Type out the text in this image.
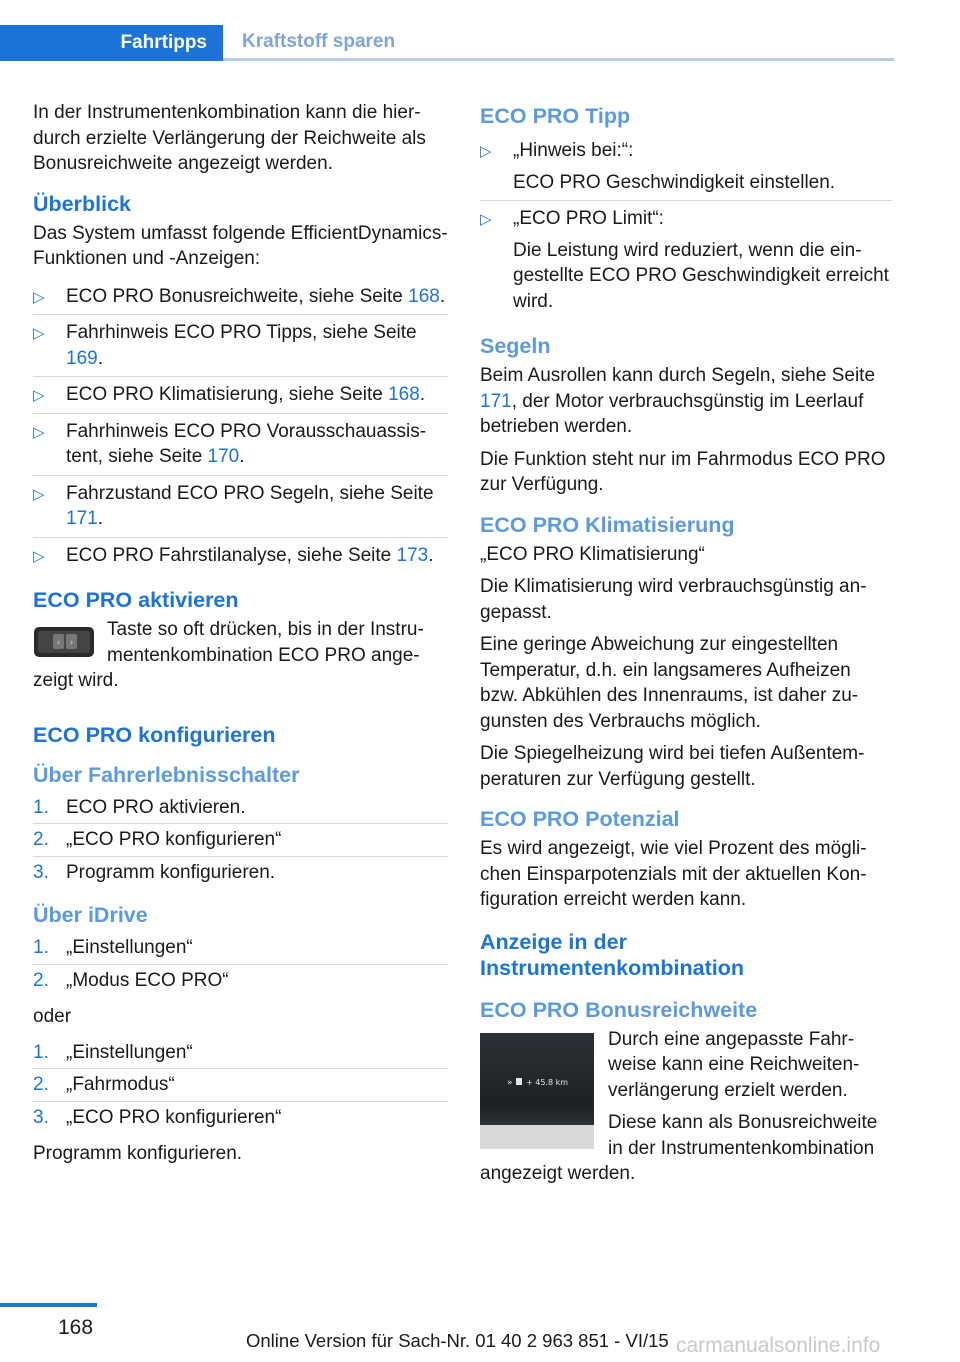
Fahrtipps	Kraftstoff sparen

In der Instrumentenkombination kann die hierdurch erzielte Verlängerung der Reichweite als Bonusreichweite angezeigt werden.

Überblick

Das System umfasst folgende EfficientDynamics-Funktionen und -Anzeigen:

▷ ECO PRO Bonusreichweite, siehe Seite 168.
▷ Fahrhinweis ECO PRO Tipps, siehe Seite 169.
▷ ECO PRO Klimatisierung, siehe Seite 168.
▷ Fahrhinweis ECO PRO Vorausschauassistent, siehe Seite 170.
▷ Fahrzustand ECO PRO Segeln, siehe Seite 171.
▷ ECO PRO Fahrstilanalyse, siehe Seite 173.
ECO PRO aktivieren
‹ ›

Taste so oft drücken, bis in der Instrumentenkombination ECO PRO angezeigt wird.

ECO PRO konfigurieren
Über Fahrerlebnisschalter
1. ECO PRO aktivieren.
2. „ECO PRO konfigurieren“
3. Programm konfigurieren.
Über iDrive
1. „Einstellungen“
2. „Modus ECO PRO“

oder

1. „Einstellungen“
2. „Fahrmodus“
3. „ECO PRO konfigurieren“

Programm konfigurieren.

ECO PRO Tipp
▷ „Hinweis bei:“:
ECO PRO Geschwindigkeit einstellen.
▷ „ECO PRO Limit“:
Die Leistung wird reduziert, wenn die eingestellte ECO PRO Geschwindigkeit erreicht wird.
Segeln

Beim Ausrollen kann durch Segeln, siehe Seite 171, der Motor verbrauchsgünstig im Leerlauf betrieben werden.

Die Funktion steht nur im Fahrmodus ECO PRO zur Verfügung.

ECO PRO Klimatisierung

„ECO PRO Klimatisierung“

Die Klimatisierung wird verbrauchsgünstig angepasst.

Eine geringe Abweichung zur eingestellten Temperatur, d.h. ein langsameres Aufheizen bzw. Abkühlen des Innenraums, ist daher zugunsten des Verbrauchs möglich.

Die Spiegelheizung wird bei tiefen Außentemperaturen zur Verfügung gestellt.

ECO PRO Potenzial

Es wird angezeigt, wie viel Prozent des möglichen Einsparpotenzials mit der aktuellen Konfiguration erreicht werden kann.

Anzeige in der
Instrumentenkombination
ECO PRO Bonusreichweite
» + 45.8 km

Durch eine angepasste Fahrweise kann eine Reichweitenverlängerung erzielt werden.

Diese kann als Bonusreichweite in der Instrumentenkombination angezeigt werden.

168
Online Version für Sach-Nr. 01 40 2 963 851 - VI/15 carmanualsonline.info
